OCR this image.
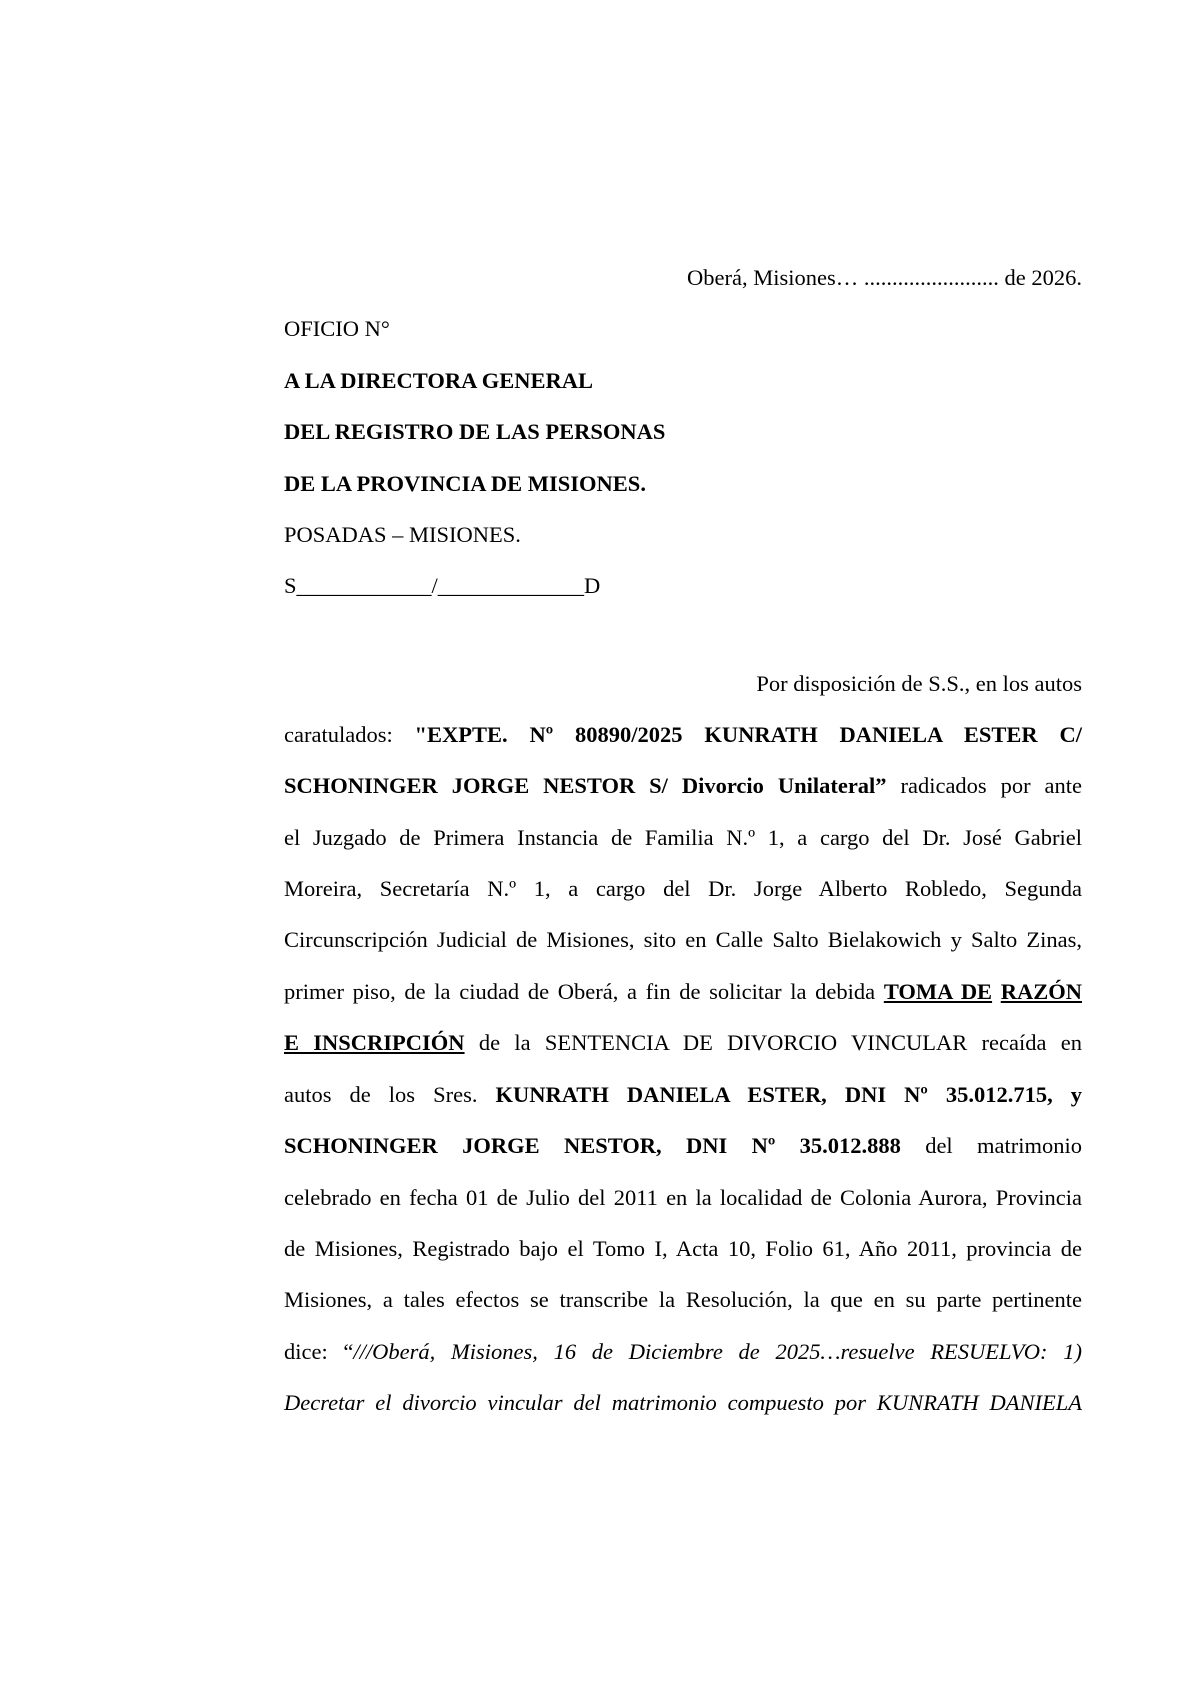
Oberá, Misiones… ........................ de 2026.
OFICIO N°
A LA DIRECTORA GENERAL
DEL REGISTRO DE LAS PERSONAS
DE LA PROVINCIA DE MISIONES.
POSADAS – MISIONES.
S____________/_____________D
Por disposición de S.S., en los autos
caratulados: "EXPTE. Nº 80890/2025 KUNRATH DANIELA ESTER C/
SCHONINGER JORGE NESTOR S/ Divorcio Unilateral” radicados por ante
el Juzgado de Primera Instancia de Familia N.º 1, a cargo del Dr. José Gabriel
Moreira, Secretaría N.º 1, a cargo del Dr. Jorge Alberto Robledo, Segunda
Circunscripción Judicial de Misiones, sito en Calle Salto Bielakowich y Salto Zinas,
primer piso, de la ciudad de Oberá, a fin de solicitar la debida TOMA DE RAZÓN
E INSCRIPCIÓN de la SENTENCIA DE DIVORCIO VINCULAR recaída en
autos de los Sres. KUNRATH DANIELA ESTER, DNI Nº 35.012.715, y
SCHONINGER JORGE NESTOR, DNI Nº 35.012.888 del matrimonio
celebrado en fecha 01 de Julio del 2011 en la localidad de Colonia Aurora, Provincia
de Misiones, Registrado bajo el Tomo I, Acta 10, Folio 61, Año 2011, provincia de
Misiones, a tales efectos se transcribe la Resolución, la que en su parte pertinente
dice: “///Oberá, Misiones, 16 de Diciembre de 2025…resuelve RESUELVO: 1)
Decretar el divorcio vincular del matrimonio compuesto por KUNRATH DANIELA
